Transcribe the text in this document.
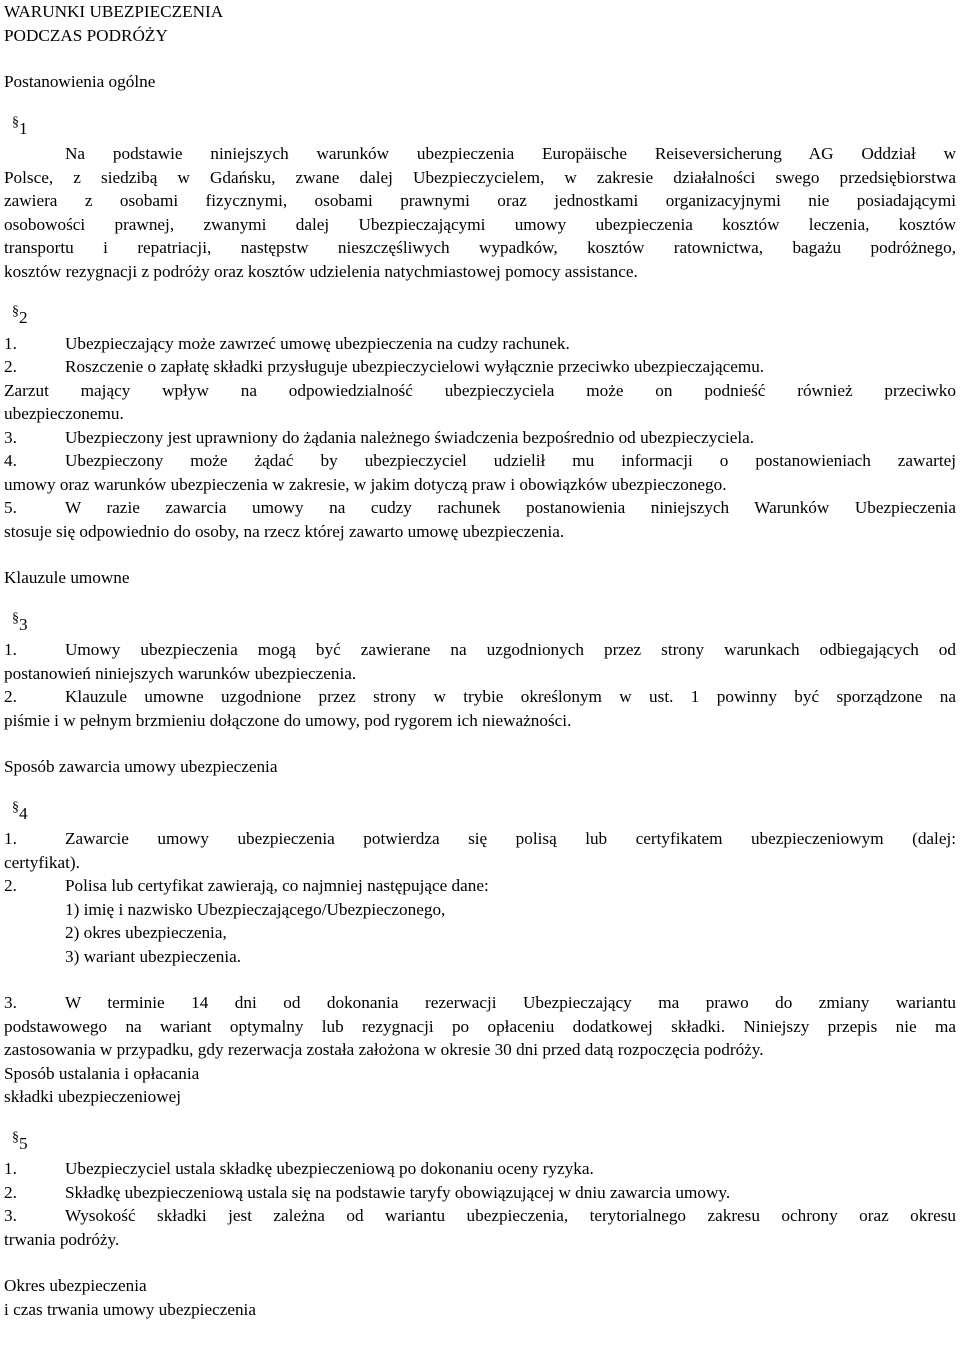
WARUNKI UBEZPIECZENIA
PODCZAS PODRÓŻY
Postanowienia ogólne
§1
Na podstawie niniejszych warunków ubezpieczenia Europäische Reiseversicherung AG Oddział w
Polsce, z siedzibą w Gdańsku, zwane dalej Ubezpieczycielem, w zakresie działalności swego przedsiębiorstwa
zawiera z osobami fizycznymi, osobami prawnymi oraz jednostkami organizacyjnymi nie posiadającymi
osobowości prawnej, zwanymi dalej Ubezpieczającymi umowy ubezpieczenia kosztów leczenia, kosztów
transportu i repatriacji, następstw nieszczęśliwych wypadków, kosztów ratownictwa, bagażu podróżnego,
kosztów rezygnacji z podróży oraz kosztów udzielenia natychmiastowej pomocy assistance.
§2
1.	Ubezpieczający może zawrzeć umowę ubezpieczenia na cudzy rachunek.
2.	Roszczenie o zapłatę składki przysługuje ubezpieczycielowi wyłącznie przeciwko ubezpieczającemu.
Zarzut mający wpływ na odpowiedzialność ubezpieczyciela może on podnieść również przeciwko
ubezpieczonemu.
3.	Ubezpieczony jest uprawniony do żądania należnego świadczenia bezpośrednio od ubezpieczyciela.
4.	Ubezpieczony może żądać by ubezpieczyciel udzielił mu informacji o postanowieniach zawartej
umowy oraz warunków ubezpieczenia w zakresie, w jakim dotyczą praw i obowiązków ubezpieczonego.
5.	W razie zawarcia umowy na cudzy rachunek postanowienia niniejszych Warunków Ubezpieczenia
stosuje się odpowiednio do osoby, na rzecz której zawarto umowę ubezpieczenia.
Klauzule umowne
§3
1.	Umowy ubezpieczenia mogą być zawierane na uzgodnionych przez strony warunkach odbiegających od
postanowień niniejszych warunków ubezpieczenia.
2.	Klauzule umowne uzgodnione przez strony w trybie określonym w ust. 1 powinny być sporządzone na
piśmie i w pełnym brzmieniu dołączone do umowy, pod rygorem ich nieważności.
Sposób zawarcia umowy ubezpieczenia
§4
1.	Zawarcie umowy ubezpieczenia potwierdza się polisą lub certyfikatem ubezpieczeniowym (dalej:
certyfikat).
2.	Polisa lub certyfikat zawierają, co najmniej następujące dane:
1) imię i nazwisko Ubezpieczającego/Ubezpieczonego,
2) okres ubezpieczenia,
3) wariant ubezpieczenia.
3.	W terminie 14 dni od dokonania rezerwacji Ubezpieczający ma prawo do zmiany wariantu
podstawowego na wariant optymalny lub rezygnacji po opłaceniu dodatkowej składki. Niniejszy przepis nie ma
zastosowania w przypadku, gdy rezerwacja została założona w okresie 30 dni przed datą rozpoczęcia podróży.
Sposób ustalania i opłacania
składki ubezpieczeniowej
§5
1.	Ubezpieczyciel ustala składkę ubezpieczeniową po dokonaniu oceny ryzyka.
2.	Składkę ubezpieczeniową ustala się na podstawie taryfy obowiązującej w dniu zawarcia umowy.
3.	Wysokość składki jest zależna od wariantu ubezpieczenia, terytorialnego zakresu ochrony oraz okresu
trwania podróży.
Okres ubezpieczenia
i czas trwania umowy ubezpieczenia
